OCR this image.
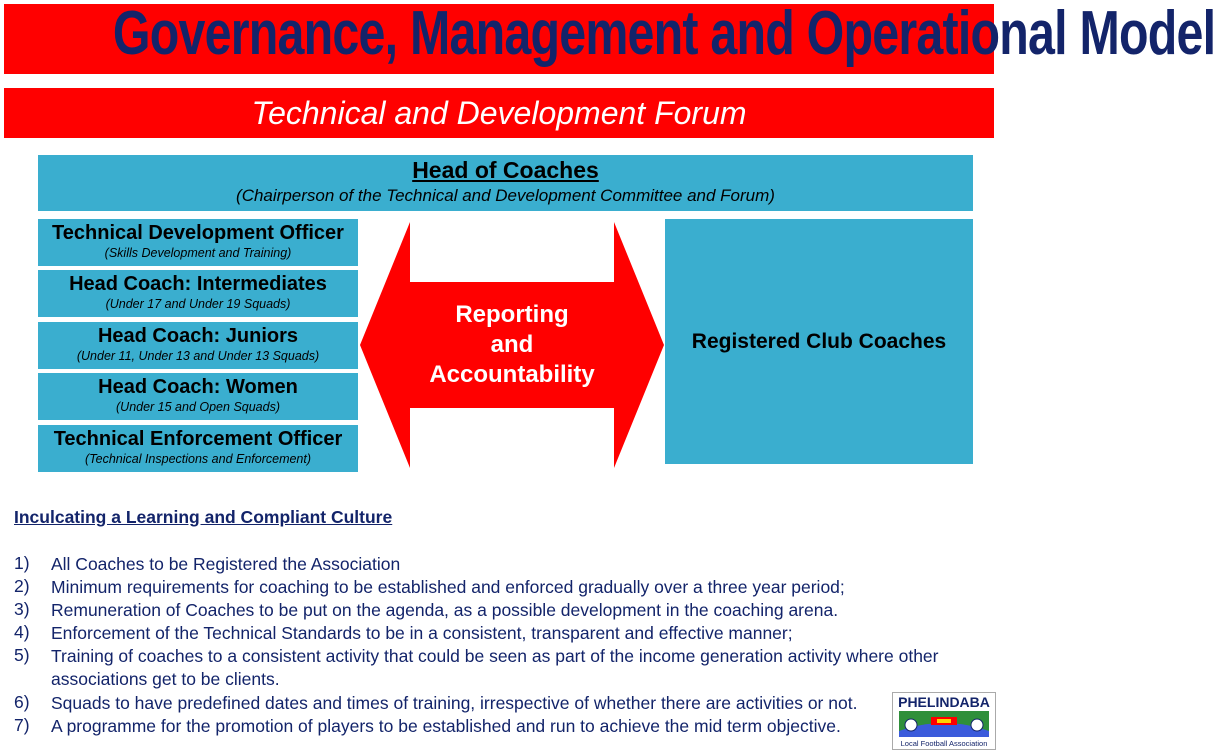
Governance, Management and Operational Model
Technical and Development Forum
Head of Coaches
(Chairperson of the Technical and Development Committee and Forum)
Technical Development Officer
(Skills Development and Training)
Head Coach: Intermediates
(Under 17 and Under 19 Squads)
Head Coach: Juniors
(Under 11, Under 13 and Under 13 Squads)
Head Coach: Women
(Under 15 and Open Squads)
Technical Enforcement Officer
(Technical Inspections and Enforcement)
Reporting
and
Accountability
Registered Club Coaches
Inculcating a Learning and Compliant Culture
1) All Coaches to be Registered the Association
2) Minimum requirements for coaching to be established and enforced gradually over a three year period;
3) Remuneration of Coaches to be put on the agenda, as a possible development in the coaching arena.
4) Enforcement of the Technical Standards to be in a consistent, transparent and effective manner;
5) Training of coaches to a consistent activity that could be seen as part of the income generation activity where other associations get to be clients.
6) Squads to have predefined dates and times of training, irrespective of whether there are activities or not.
7) A programme for the promotion of players to be established and run to achieve the mid term objective.
PHELINDABA
Local Football Association
